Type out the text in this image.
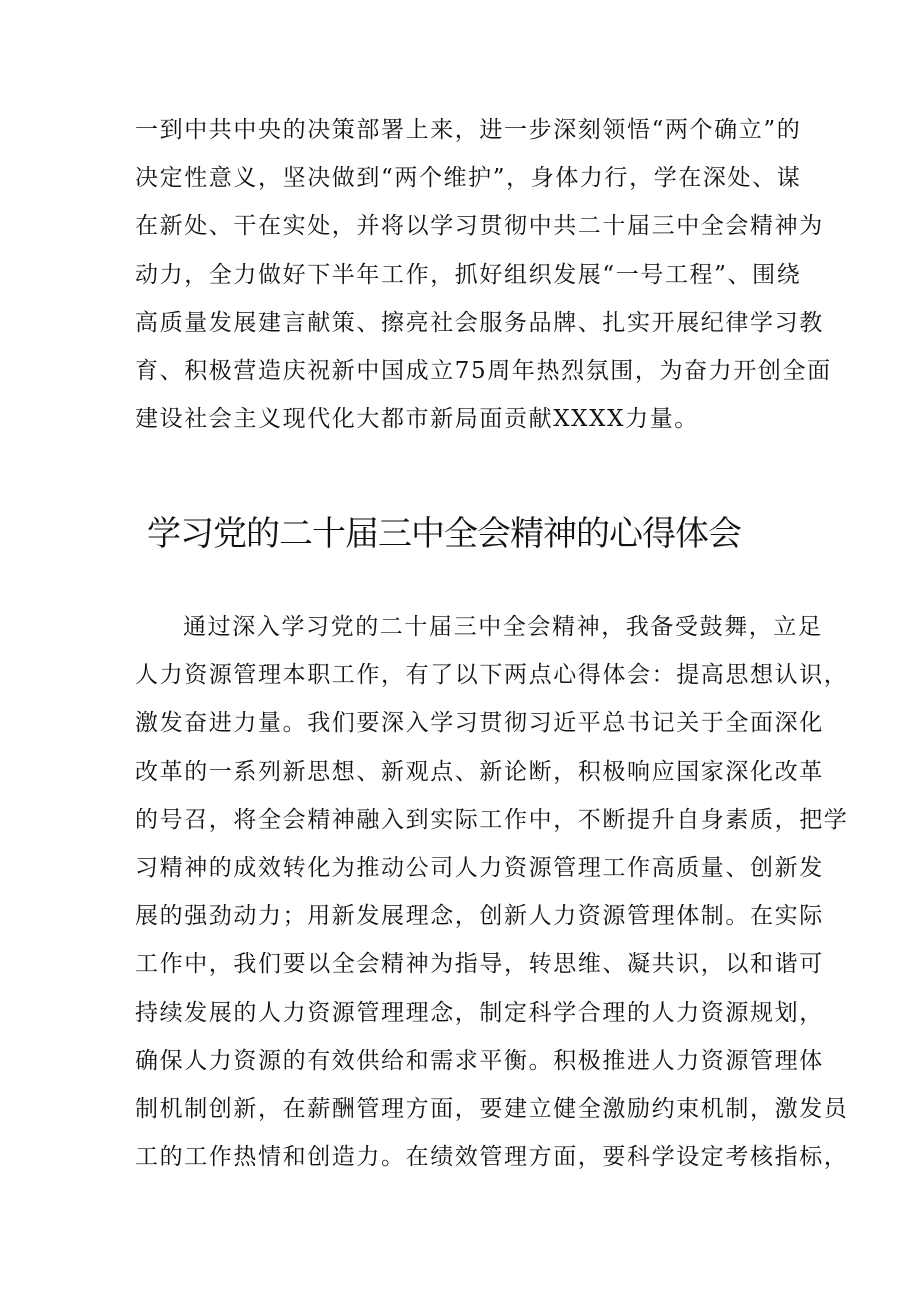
一到中共中央的决策部署上来，进一步深刻领悟“两个确立”的
决定性意义，坚决做到“两个维护”，身体力行，学在深处、谋
在新处、干在实处，并将以学习贯彻中共二十届三中全会精神为
动力，全力做好下半年工作，抓好组织发展“一号工程”、围绕
高质量发展建言献策、擦亮社会服务品牌、扎实开展纪律学习教
育、积极营造庆祝新中国成立75周年热烈氛围，为奋力开创全面
建设社会主义现代化大都市新局面贡献XXXX力量。
学习党的二十届三中全会精神的心得体会
通过深入学习党的二十届三中全会精神，我备受鼓舞，立足
人力资源管理本职工作，有了以下两点心得体会：提高思想认识，
激发奋进力量。我们要深入学习贯彻习近平总书记关于全面深化
改革的一系列新思想、新观点、新论断，积极响应国家深化改革
的号召，将全会精神融入到实际工作中，不断提升自身素质，把学
习精神的成效转化为推动公司人力资源管理工作高质量、创新发
展的强劲动力；用新发展理念，创新人力资源管理体制。在实际
工作中，我们要以全会精神为指导，转思维、凝共识，以和谐可
持续发展的人力资源管理理念，制定科学合理的人力资源规划，
确保人力资源的有效供给和需求平衡。积极推进人力资源管理体
制机制创新，在薪酬管理方面，要建立健全激励约束机制，激发员
工的工作热情和创造力。在绩效管理方面，要科学设定考核指标，
